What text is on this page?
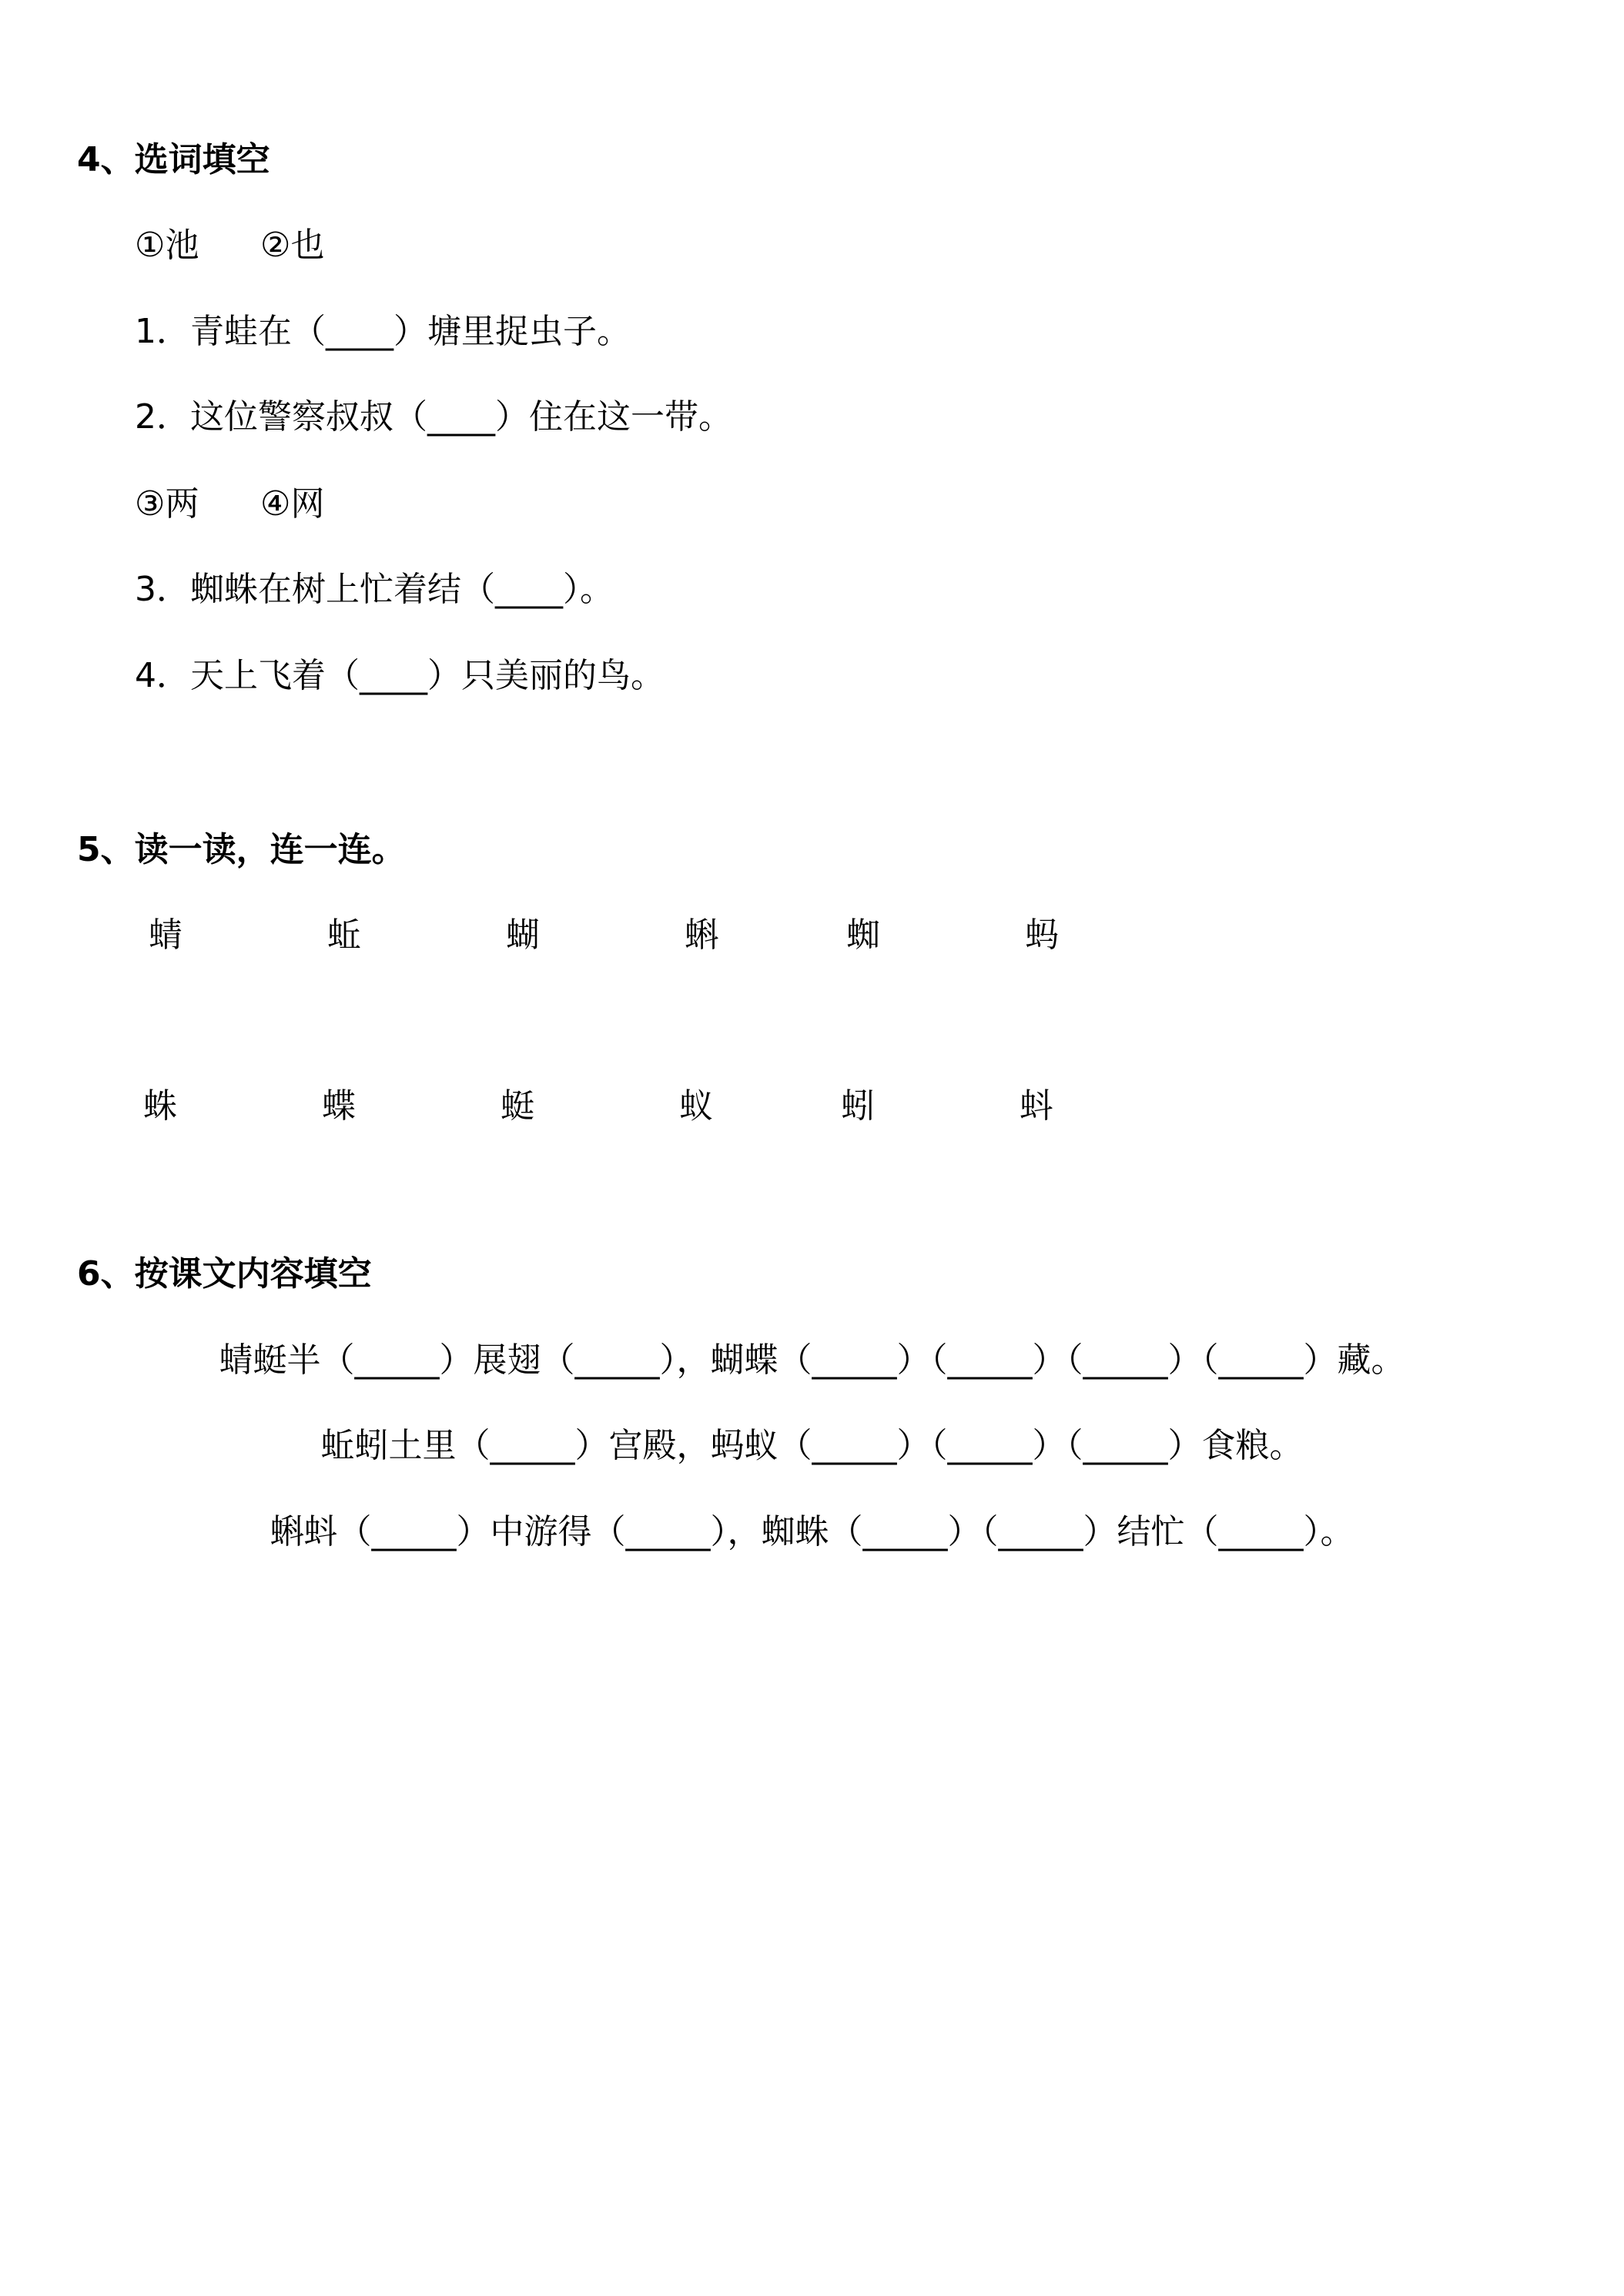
4、选词填空
①池 ②也
1．青蛙在（____）塘里捉虫子。
2．这位警察叔叔（____）住在这一带。
③两 ④网
3．蜘蛛在树上忙着结（____）。
4．天上飞着（____）只美丽的鸟。
5、读一读，连一连。
蜻	蚯	蝴	蝌	蜘	蚂
蛛	蝶	蜓	蚁	蚓	蚪
6、按课文内容填空
蜻蜓半（_____）展翅（_____），蝴蝶（_____）（_____）（_____）（_____）藏。
蚯蚓土里（_____）宫殿，蚂蚁（_____）（_____）（_____）食粮。
蝌蚪（_____）中游得（_____），蜘蛛（_____）（_____）结忙（_____）。
